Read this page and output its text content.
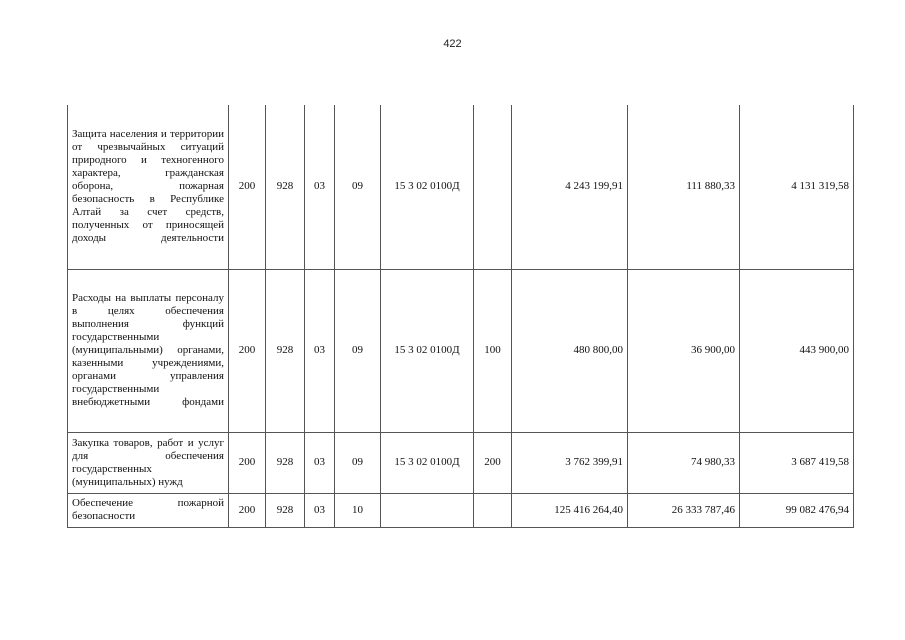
422
Защита населения и территории от чрезвычайных ситуаций природного и техногенного характера, гражданская оборона, пожарная безопасность в Республике Алтай за счет средств, полученных от приносящей доходы деятельности	200	928	03	09	15 3 02 0100Д		4 243 199,91	111 880,33	4 131 319,58
Расходы на выплаты персоналу в целях обеспечения выполнения функций государственными (муниципальными) органами, казенными учреждениями, органами управления государственными внебюджетными фондами	200	928	03	09	15 3 02 0100Д	100	480 800,00	36 900,00	443 900,00
Закупка товаров, работ и услуг для обеспечения государственных (муниципальных) нужд	200	928	03	09	15 3 02 0100Д	200	3 762 399,91	74 980,33	3 687 419,58
Обеспечение пожарной безопасности	200	928	03	10			125 416 264,40	26 333 787,46	99 082 476,94
